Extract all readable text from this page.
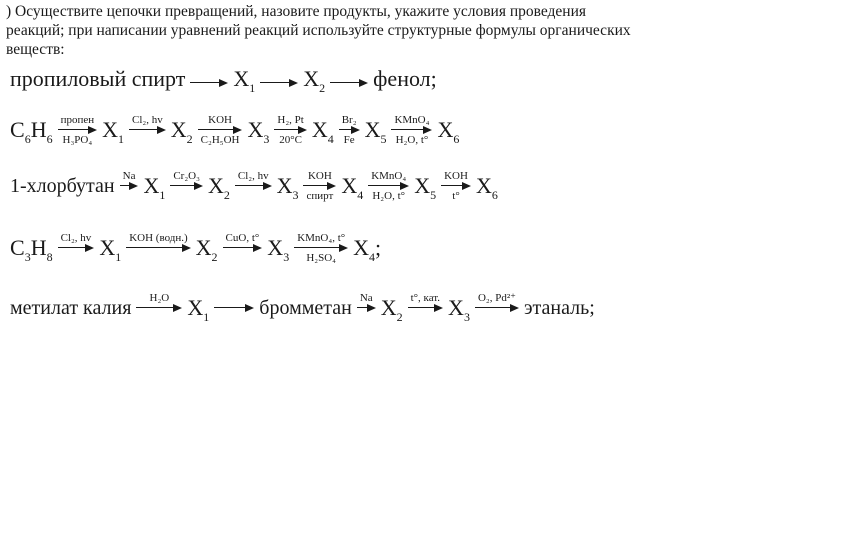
) Осуществите цепочки превращений, назовите продукты, укажите условия проведения реакций; при написании уравнений реакций используйте структурные формулы органических веществ:
пропиловый спирт $X_1$ $X_2$ фенол;
$C_6H_6$
пропен
H₃PO₄ $X_1$
Cl₂, hv $X_2$
KOH
C₂H₅OH $X_3$
H₂, Pt
20°C $X_4$
Br₂
Fe $X_5$
KMnO₄
H₂O, t° $X_6$
1-хлорбутан Na $X_1$
Cr₂O₃ $X_2$
Cl₂, hv $X_3$
KOH
спирт $X_4$
KMnO₄
H₂O, t° $X_5$
KOH
t° $X_6$
$C_3H_8$
Cl₂, hv $X_1$
KOH (водн.) $X_2$
CuO, t° $X_3$
KMnO₄, t°
H₂SO₄ $X_4$;
метилат калия	H₂O $X_1$	бромметан Na $X_2$
t°, кат. $X_3$
O₂, Pd²⁺ этаналь;
